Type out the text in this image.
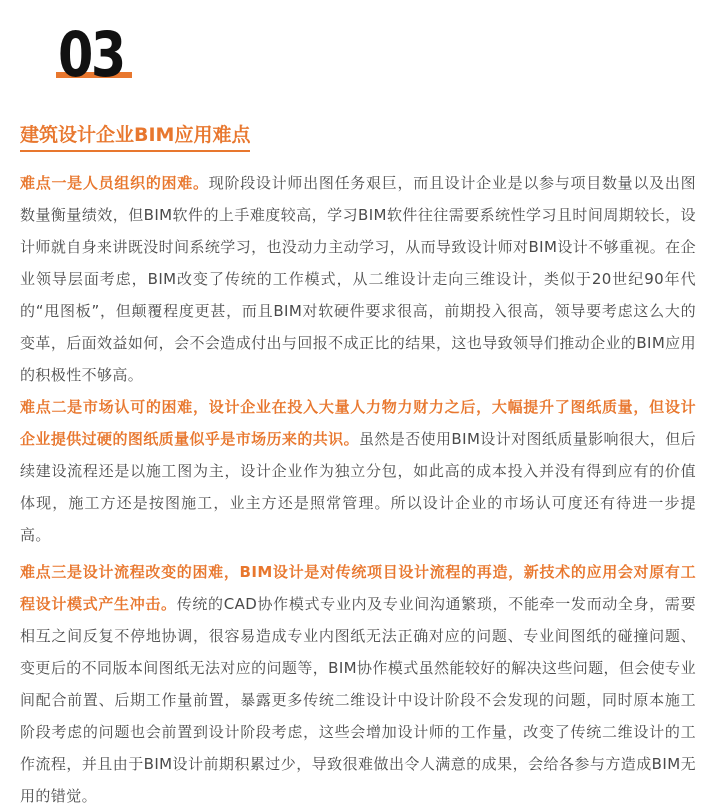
03
建筑设计企业BIM应用难点

难点一是人员组织的困难。现阶段设计师出图任务艰巨，而且设计企业是以参与项目数量以及出图数量衡量绩效，但BIM软件的上手难度较高，学习BIM软件往往需要系统性学习且时间周期较长，设计师就自身来讲既没时间系统学习，也没动力主动学习，从而导致设计师对BIM设计不够重视。在企业领导层面考虑，BIM改变了传统的工作模式，从二维设计走向三维设计，类似于20世纪90年代的“甩图板”，但颠覆程度更甚，而且BIM对软硬件要求很高，前期投入很高，领导要考虑这么大的变革，后面效益如何，会不会造成付出与回报不成正比的结果，这也导致领导们推动企业的BIM应用的积极性不够高。

难点二是市场认可的困难，设计企业在投入大量人力物力财力之后，大幅提升了图纸质量，但设计企业提供过硬的图纸质量似乎是市场历来的共识。虽然是否使用BIM设计对图纸质量影响很大，但后续建设流程还是以施工图为主，设计企业作为独立分包，如此高的成本投入并没有得到应有的价值体现，施工方还是按图施工，业主方还是照常管理。所以设计企业的市场认可度还有待进一步提高。

难点三是设计流程改变的困难，BIM设计是对传统项目设计流程的再造，新技术的应用会对原有工程设计模式产生冲击。传统的CAD协作模式专业内及专业间沟通繁琐，不能牵一发而动全身，需要相互之间反复不停地协调，很容易造成专业内图纸无法正确对应的问题、专业间图纸的碰撞问题、变更后的不同版本间图纸无法对应的问题等，BIM协作模式虽然能较好的解决这些问题，但会使专业间配合前置、后期工作量前置，暴露更多传统二维设计中设计阶段不会发现的问题，同时原本施工阶段考虑的问题也会前置到设计阶段考虑，这些会增加设计师的工作量，改变了传统二维设计的工作流程，并且由于BIM设计前期积累过少，导致很难做出令人满意的成果，会给各参与方造成BIM无用的错觉。
